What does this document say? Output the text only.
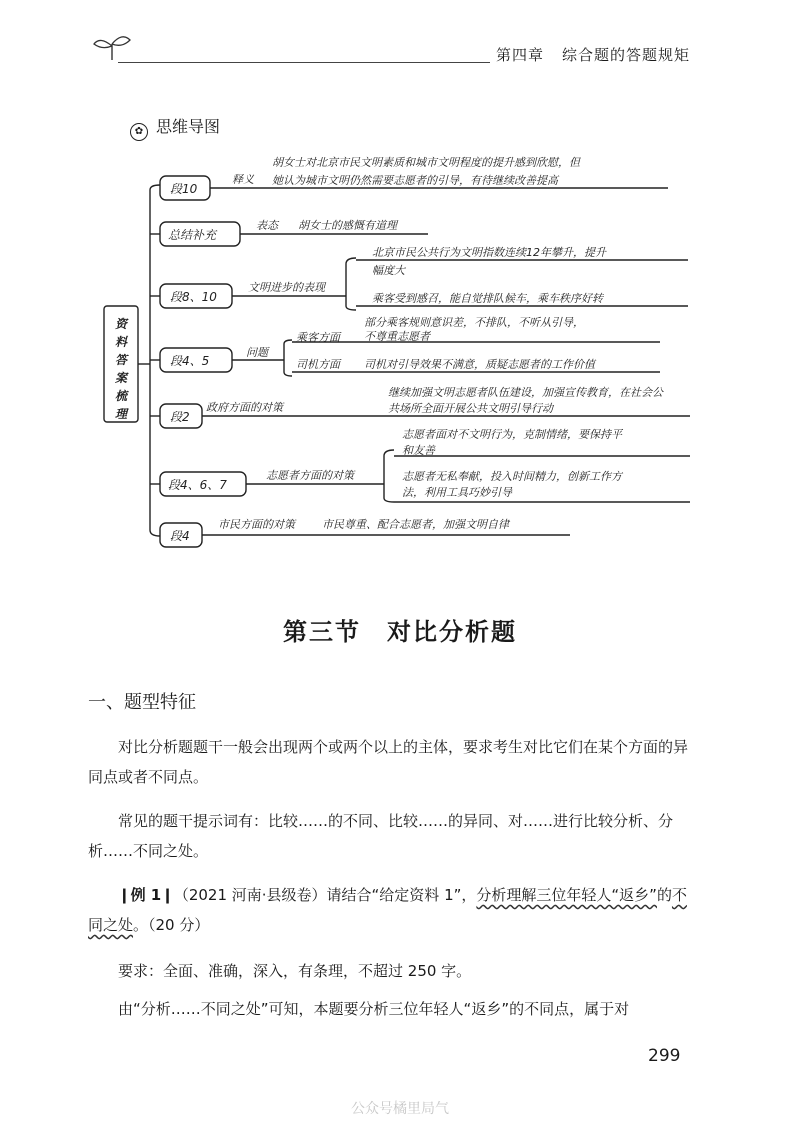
第四章 综合题的答题规矩
✿ 思维导图
资料答案梳理
段10
总结补充
段8、10
段4、5
段2
段4、6、7
段4
释义
胡女士对北京市民文明素质和城市文明程度的提升感到欣慰，但
她认为城市文明仍然需要志愿者的引导，有待继续改善提高
表态 胡女士的感慨有道理
文明进步的表现
北京市民公共行为文明指数连续12年攀升，提升
幅度大
乘客受到感召，能自觉排队候车，乘车秩序好转
问题
乘客方面
部分乘客规则意识差，不排队，不听从引导，
不尊重志愿者
司机方面 司机对引导效果不满意，质疑志愿者的工作价值
政府方面的对策
继续加强文明志愿者队伍建设，加强宣传教育，在社会公
共场所全面开展公共文明引导行动
志愿者方面的对策
志愿者面对不文明行为，克制情绪，要保持平
和友善
志愿者无私奉献，投入时间精力，创新工作方
法，利用工具巧妙引导
市民方面的对策 市民尊重、配合志愿者，加强文明自律
第三节 对比分析题
一、题型特征
对比分析题题干一般会出现两个或两个以上的主体，要求考生对比它们在某个方面的异同点或者不同点。
常见的题干提示词有：比较……的不同、比较……的异同、对……进行比较分析、分析……不同之处。
❙例 1❙（2021 河南·县级卷）请结合“给定资料 1”，分析理解三位年轻人“返乡”的不同之处。（20 分）
要求：全面、准确，深入，有条理，不超过 250 字。
由“分析……不同之处”可知，本题要分析三位年轻人“返乡”的不同点，属于对
299
公众号橘里局气
